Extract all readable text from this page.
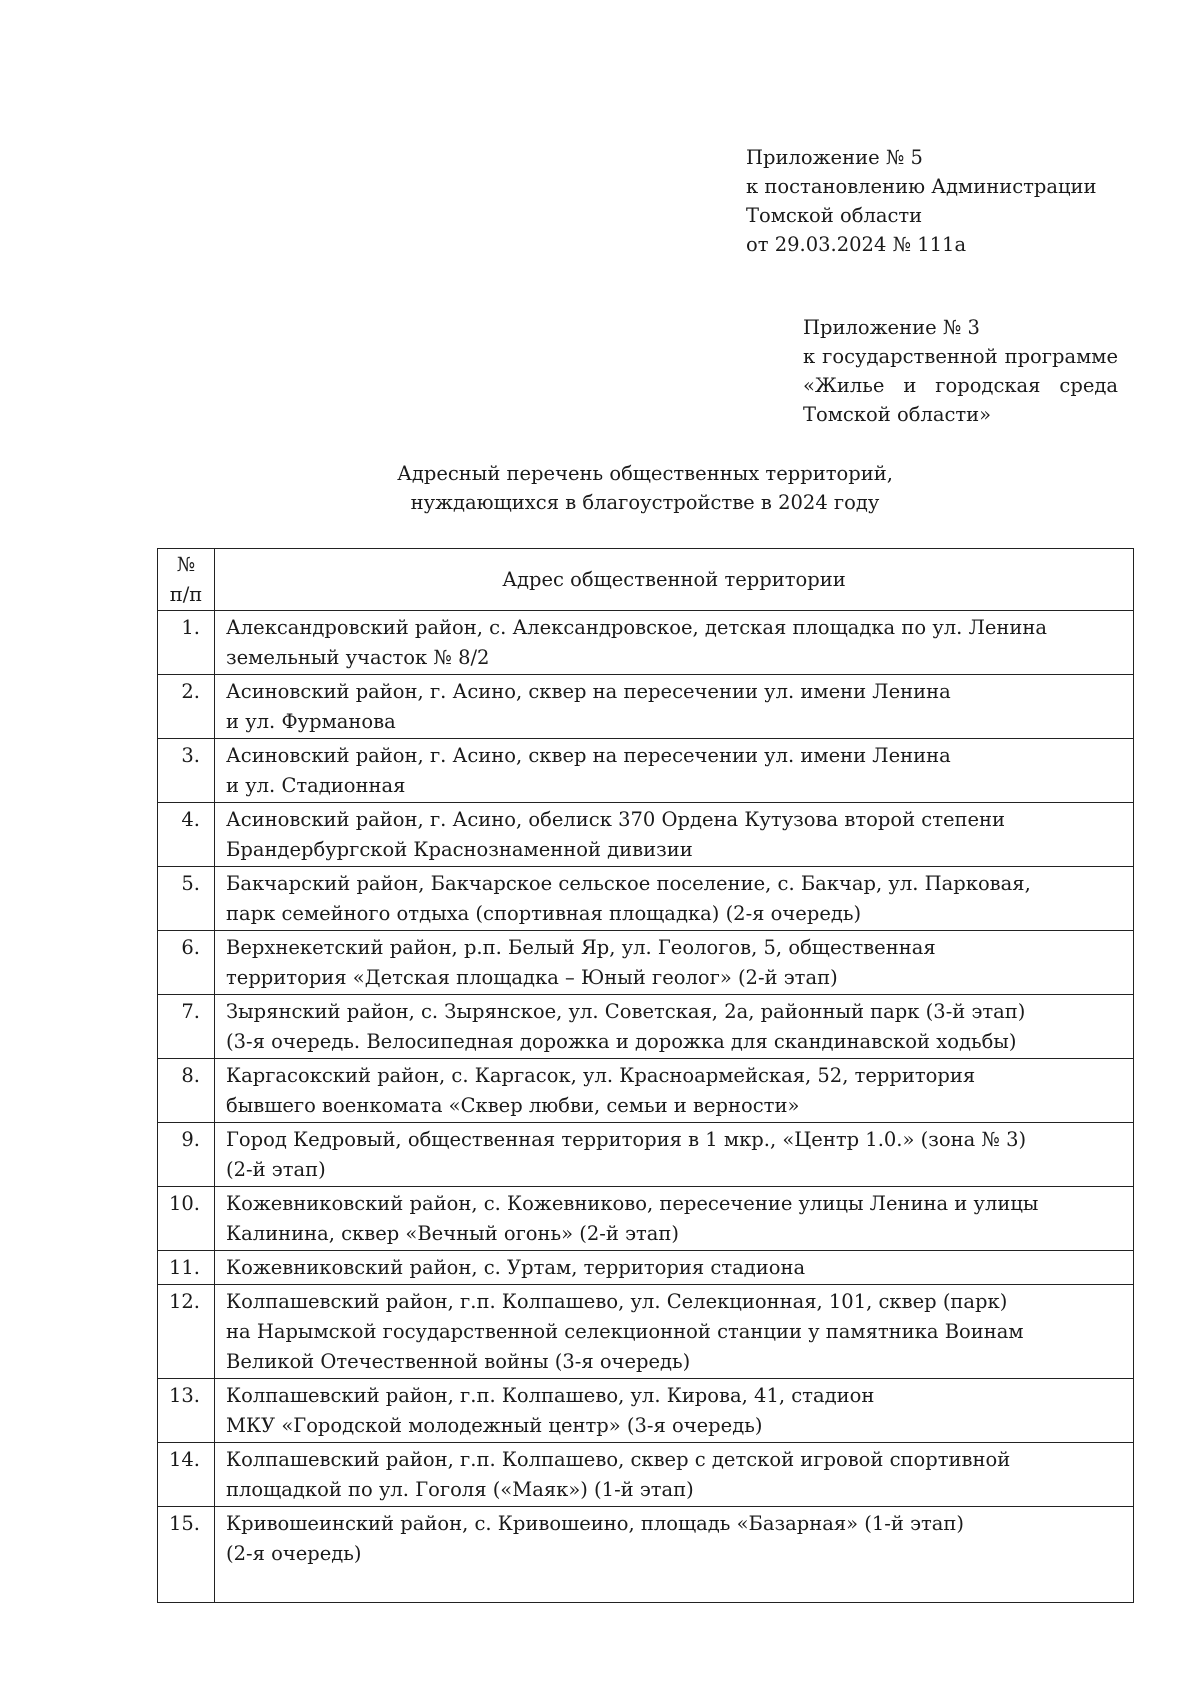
Приложение № 5
к постановлению Администрации
Томской области
от 29.03.2024 № 111а
Приложение № 3
к государственной программе
«Жилье и городская среда
Томской области»
Адресный перечень общественных территорий,
нуждающихся в благоустройстве в 2024 году
№
п/п	Адрес общественной территории
1.	Александровский район, с. Александровское, детская площадка по ул. Ленина
земельный участок № 8/2

2.	Асиновский район, г. Асино, сквер на пересечении ул. имени Ленина
и ул. Фурманова

3.	Асиновский район, г. Асино, сквер на пересечении ул. имени Ленина
и ул. Стадионная

4.	Асиновский район, г. Асино, обелиск 370 Ордена Кутузова второй степени
Брандербургской Краснознаменной дивизии

5.	Бакчарский район, Бакчарское сельское поселение, с. Бакчар, ул. Парковая,
парк семейного отдыха (спортивная площадка) (2-я очередь)

6.	Верхнекетский район, р.п. Белый Яр, ул. Геологов, 5, общественная
территория «Детская площадка – Юный геолог» (2-й этап)

7.	Зырянский район, с. Зырянское, ул. Советская, 2а, районный парк (3-й этап)
(3-я очередь. Велосипедная дорожка и дорожка для скандинавской ходьбы)

8.	Каргасокский район, с. Каргасок, ул. Красноармейская, 52, территория
бывшего военкомата «Сквер любви, семьи и верности»

9.	Город Кедровый, общественная территория в 1 мкр., «Центр 1.0.» (зона № 3)
(2-й этап)

10.	Кожевниковский район, с. Кожевниково, пересечение улицы Ленина и улицы
Калинина, сквер «Вечный огонь» (2-й этап)

11.	Кожевниковский район, с. Уртам, территория стадиона

12.	Колпашевский район, г.п. Колпашево, ул. Селекционная, 101, сквер (парк)
на Нарымской государственной селекционной станции у памятника Воинам
Великой Отечественной войны (3-я очередь)

13.	Колпашевский район, г.п. Колпашево, ул. Кирова, 41, стадион
МКУ «Городской молодежный центр» (3-я очередь)

14.	Колпашевский район, г.п. Колпашево, сквер с детской игровой спортивной
площадкой по ул. Гоголя («Маяк») (1-й этап)

15.	Кривошеинский район, с. Кривошеино, площадь «Базарная» (1-й этап)
(2-я очередь)
